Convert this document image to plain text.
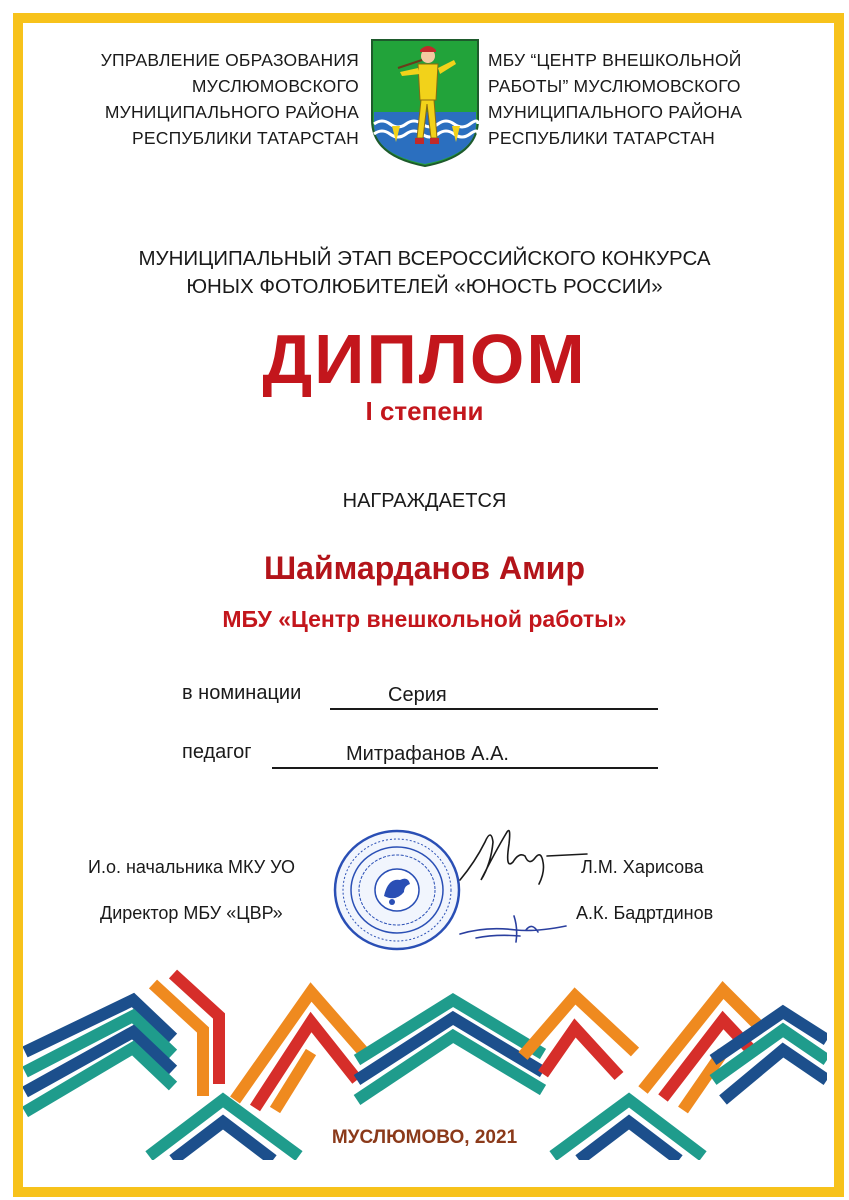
УПРАВЛЕНИЕ ОБРАЗОВАНИЯ
МУСЛЮМОВСКОГО
МУНИЦИПАЛЬНОГО РАЙОНА
РЕСПУБЛИКИ ТАТАРСТАН
МБУ “ЦЕНТР ВНЕШКОЛЬНОЙ
РАБОТЫ” МУСЛЮМОВСКОГО
МУНИЦИПАЛЬНОГО РАЙОНА
РЕСПУБЛИКИ ТАТАРСТАН
МУНИЦИПАЛЬНЫЙ ЭТАП ВСЕРОССИЙСКОГО КОНКУРСА
ЮНЫХ ФОТОЛЮБИТЕЛЕЙ «ЮНОСТЬ РОССИИ»
ДИПЛОМ
I степени
НАГРАЖДАЕТСЯ
Шаймарданов Амир
МБУ «Центр внешкольной работы»
в номинации	Серия
педагог	Митрафанов А.А.
И.о. начальника МКУ УО	Л.М. Харисова
Директор МБУ «ЦВР»	А.К. Бадртдинов
МУСЛЮМОВО, 2021
